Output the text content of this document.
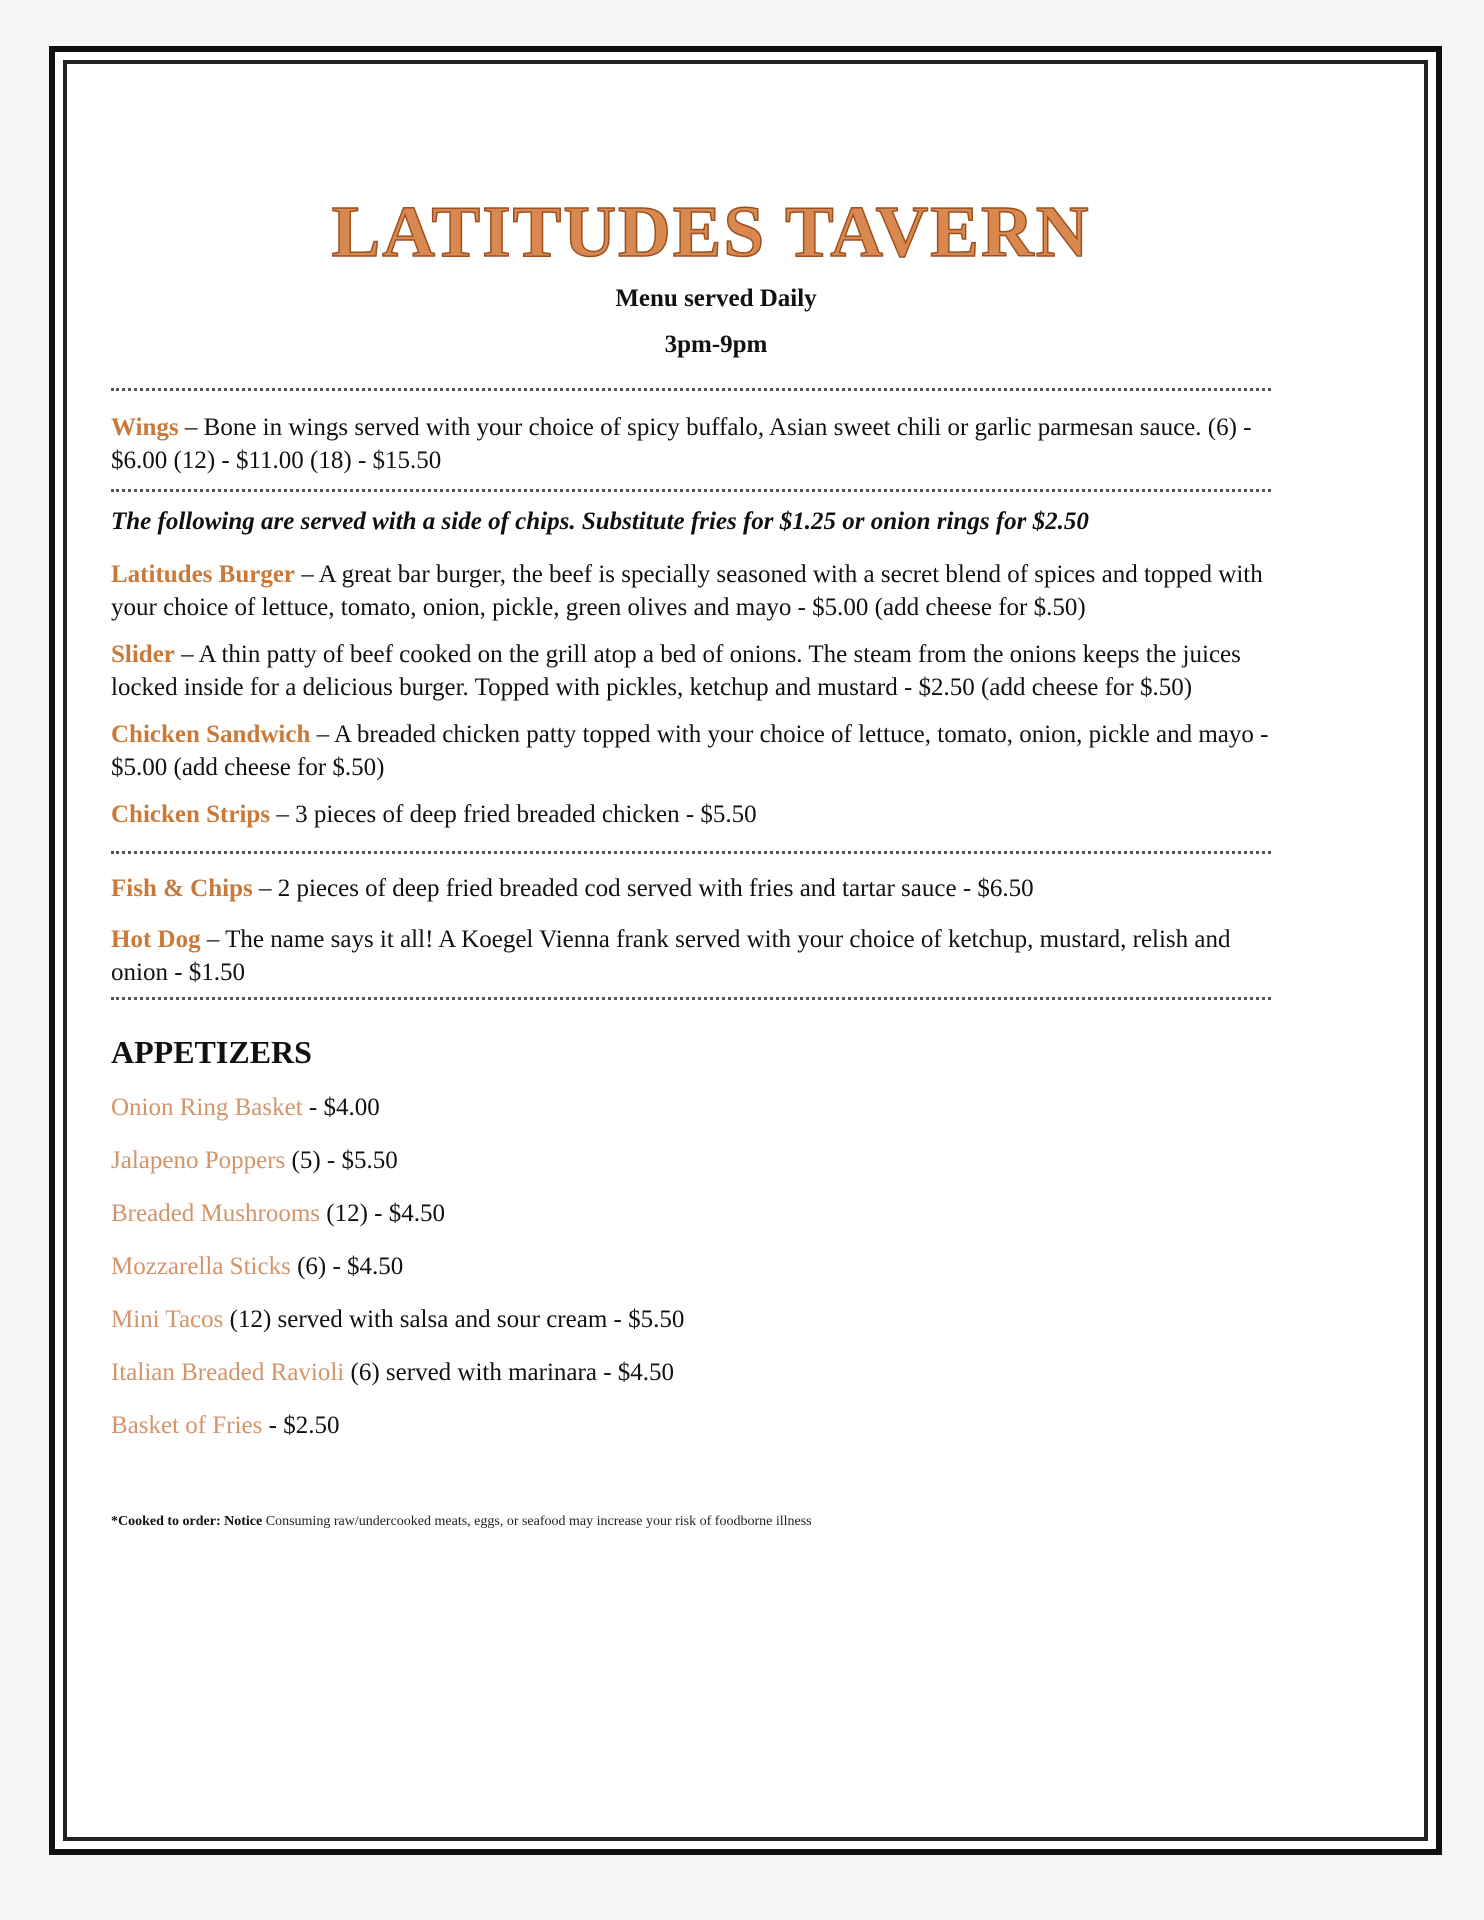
LATITUDES TAVERN
Menu served Daily
3pm-9pm
Wings – Bone in wings served with your choice of spicy buffalo, Asian sweet chili or garlic parmesan sauce. (6) - $6.00 (12) - $11.00 (18) - $15.50
The following are served with a side of chips. Substitute fries for $1.25 or onion rings for $2.50
Latitudes Burger – A great bar burger, the beef is specially seasoned with a secret blend of spices and topped with your choice of lettuce, tomato, onion, pickle, green olives and mayo - $5.00 (add cheese for $.50)
Slider – A thin patty of beef cooked on the grill atop a bed of onions. The steam from the onions keeps the juices locked inside for a delicious burger. Topped with pickles, ketchup and mustard - $2.50 (add cheese for $.50)
Chicken Sandwich – A breaded chicken patty topped with your choice of lettuce, tomato, onion, pickle and mayo - $5.00 (add cheese for $.50)
Chicken Strips – 3 pieces of deep fried breaded chicken - $5.50
Fish & Chips – 2 pieces of deep fried breaded cod served with fries and tartar sauce - $6.50
Hot Dog – The name says it all! A Koegel Vienna frank served with your choice of ketchup, mustard, relish and onion - $1.50
APPETIZERS
Onion Ring Basket - $4.00
Jalapeno Poppers (5) - $5.50
Breaded Mushrooms (12) - $4.50
Mozzarella Sticks (6) - $4.50
Mini Tacos (12) served with salsa and sour cream - $5.50
Italian Breaded Ravioli (6) served with marinara - $4.50
Basket of Fries - $2.50
*Cooked to order: Notice Consuming raw/undercooked meats, eggs, or seafood may increase your risk of foodborne illness
